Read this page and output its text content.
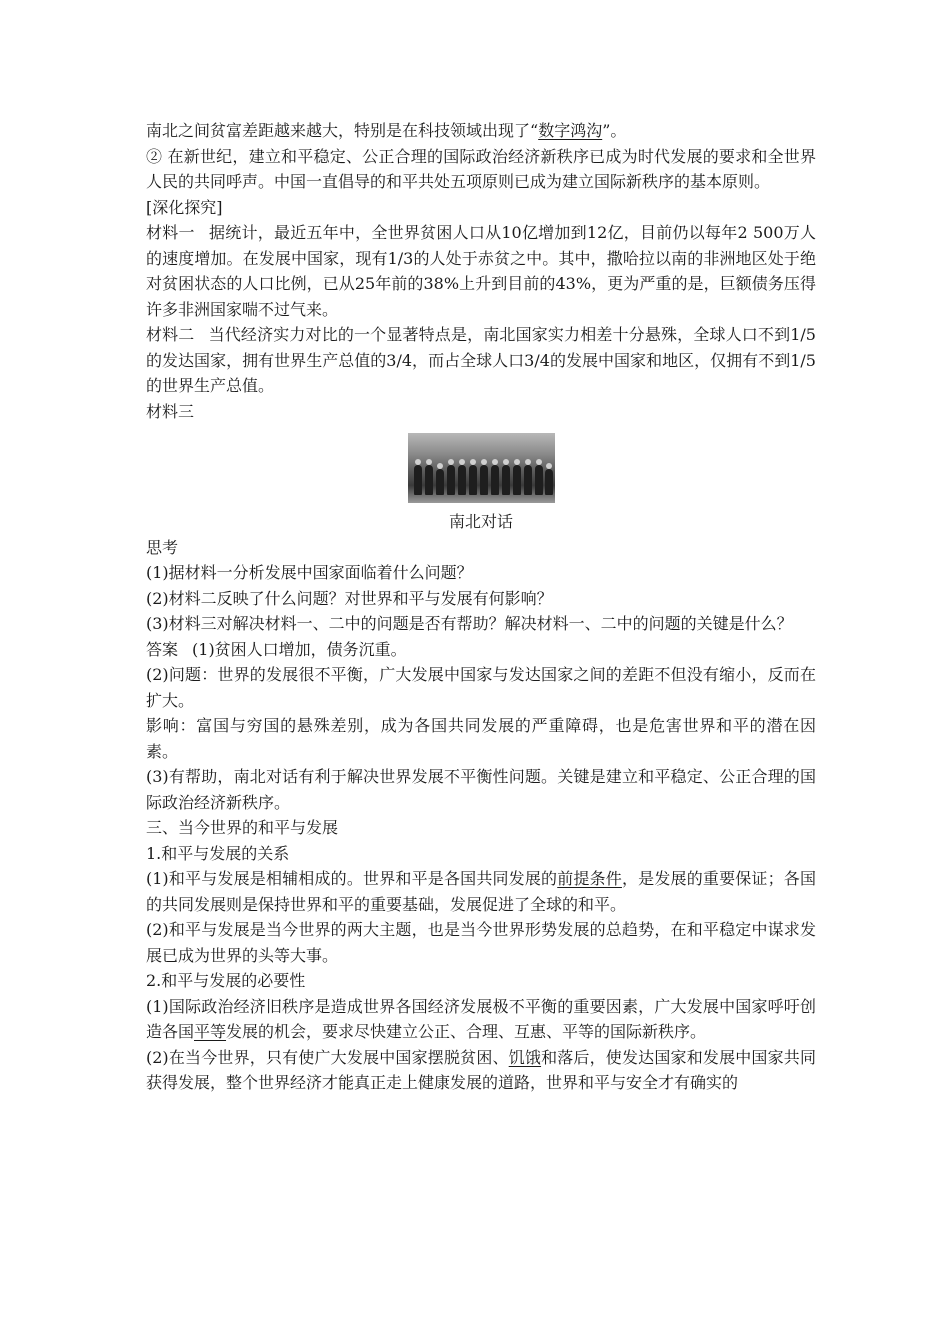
南北之间贫富差距越来越大，特别是在科技领域出现了“数字鸿沟”。

② 在新世纪，建立和平稳定、公正合理的国际政治经济新秩序已成为时代发展的要求和全世界人民的共同呼声。中国一直倡导的和平共处五项原则已成为建立国际新秩序的基本原则。

[深化探究]

材料一 据统计，最近五年中，全世界贫困人口从10亿增加到12亿，目前仍以每年2 500万人的速度增加。在发展中国家，现有1/3的人处于赤贫之中。其中，撒哈拉以南的非洲地区处于绝对贫困状态的人口比例，已从25年前的38%上升到目前的43%，更为严重的是，巨额债务压得许多非洲国家喘不过气来。

材料二 当代经济实力对比的一个显著特点是，南北国家实力相差十分悬殊，全球人口不到1/5的发达国家，拥有世界生产总值的3/4，而占全球人口3/4的发展中国家和地区，仅拥有不到1/5的世界生产总值。

材料三

南北对话

思考

(1)据材料一分析发展中国家面临着什么问题？

(2)材料二反映了什么问题？对世界和平与发展有何影响？

(3)材料三对解决材料一、二中的问题是否有帮助？解决材料一、二中的问题的关键是什么？

答案 (1)贫困人口增加，债务沉重。

(2)问题：世界的发展很不平衡，广大发展中国家与发达国家之间的差距不但没有缩小，反而在扩大。

影响：富国与穷国的悬殊差别，成为各国共同发展的严重障碍，也是危害世界和平的潜在因素。

(3)有帮助，南北对话有利于解决世界发展不平衡性问题。关键是建立和平稳定、公正合理的国际政治经济新秩序。

三、当今世界的和平与发展

1.和平与发展的关系

(1)和平与发展是相辅相成的。世界和平是各国共同发展的前提条件，是发展的重要保证；各国的共同发展则是保持世界和平的重要基础，发展促进了全球的和平。

(2)和平与发展是当今世界的两大主题，也是当今世界形势发展的总趋势，在和平稳定中谋求发展已成为世界的头等大事。

2.和平与发展的必要性

(1)国际政治经济旧秩序是造成世界各国经济发展极不平衡的重要因素，广大发展中国家呼吁创造各国平等发展的机会，要求尽快建立公正、合理、互惠、平等的国际新秩序。

(2)在当今世界，只有使广大发展中国家摆脱贫困、饥饿和落后，使发达国家和发展中国家共同获得发展，整个世界经济才能真正走上健康发展的道路，世界和平与安全才有确实的
